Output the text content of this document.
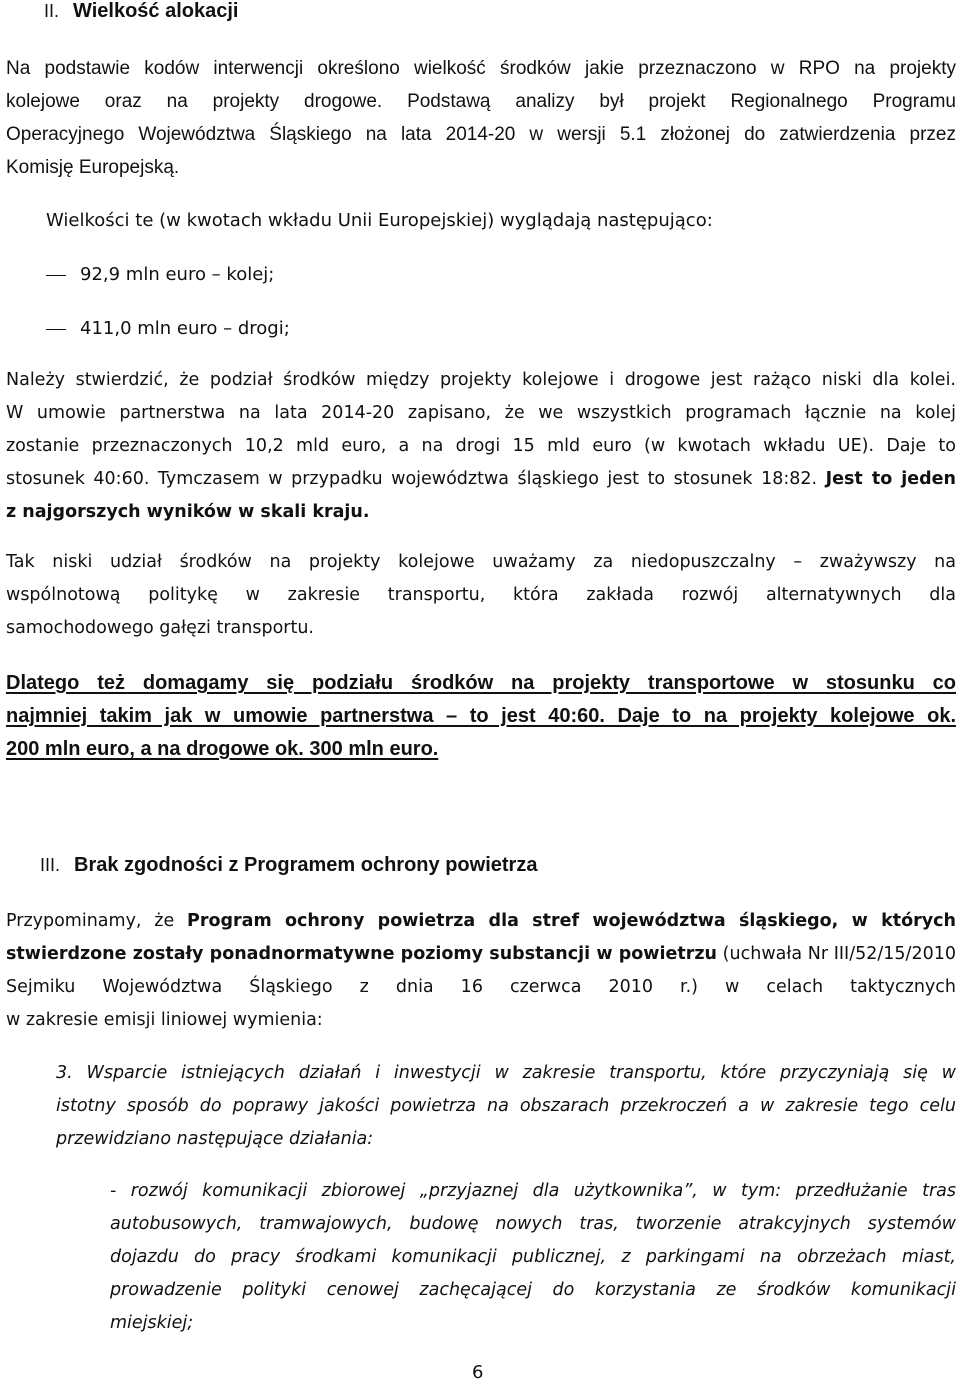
II. Wielkość alokacji
Na podstawie kodów interwencji określono wielkość środków jakie przeznaczono w RPO na projekty
kolejowe oraz na projekty drogowe. Podstawą analizy był projekt Regionalnego Programu
Operacyjnego Województwa Śląskiego na lata 2014-20 w wersji 5.1 złożonej do zatwierdzenia przez
Komisję Europejską.
Wielkości te (w kwotach wkładu Unii Europejskiej) wyglądają następująco:
92,9 mln euro – kolej;
411,0 mln euro – drogi;
Należy stwierdzić, że podział środków między projekty kolejowe i drogowe jest rażąco niski dla kolei.
W umowie partnerstwa na lata 2014-20 zapisano, że we wszystkich programach łącznie na kolej
zostanie przeznaczonych 10,2 mld euro, a na drogi 15 mld euro (w kwotach wkładu UE). Daje to
stosunek 40:60. Tymczasem w przypadku województwa śląskiego jest to stosunek 18:82. Jest to jeden
z najgorszych wyników w skali kraju.
Tak niski udział środków na projekty kolejowe uważamy za niedopuszczalny – zważywszy na
wspólnotową politykę w zakresie transportu, która zakłada rozwój alternatywnych dla
samochodowego gałęzi transportu.
Dlatego też domagamy się podziału środków na projekty transportowe w stosunku co
najmniej takim jak w umowie partnerstwa – to jest 40:60. Daje to na projekty kolejowe ok.
200 mln euro, a na drogowe ok. 300 mln euro.
III. Brak zgodności z Programem ochrony powietrza
Przypominamy, że Program ochrony powietrza dla stref województwa śląskiego, w których
stwierdzone zostały ponadnormatywne poziomy substancji w powietrzu (uchwała Nr III/52/15/2010
Sejmiku Województwa Śląskiego z dnia 16 czerwca 2010 r.) w celach taktycznych
w zakresie emisji liniowej wymienia:
3. Wsparcie istniejących działań i inwestycji w zakresie transportu, które przyczyniają się w
istotny sposób do poprawy jakości powietrza na obszarach przekroczeń a w zakresie tego celu
przewidziano następujące działania:
- rozwój komunikacji zbiorowej „przyjaznej dla użytkownika”, w tym: przedłużanie tras
autobusowych, tramwajowych, budowę nowych tras, tworzenie atrakcyjnych systemów
dojazdu do pracy środkami komunikacji publicznej, z parkingami na obrzeżach miast,
prowadzenie polityki cenowej zachęcającej do korzystania ze środków komunikacji
miejskiej;
6
